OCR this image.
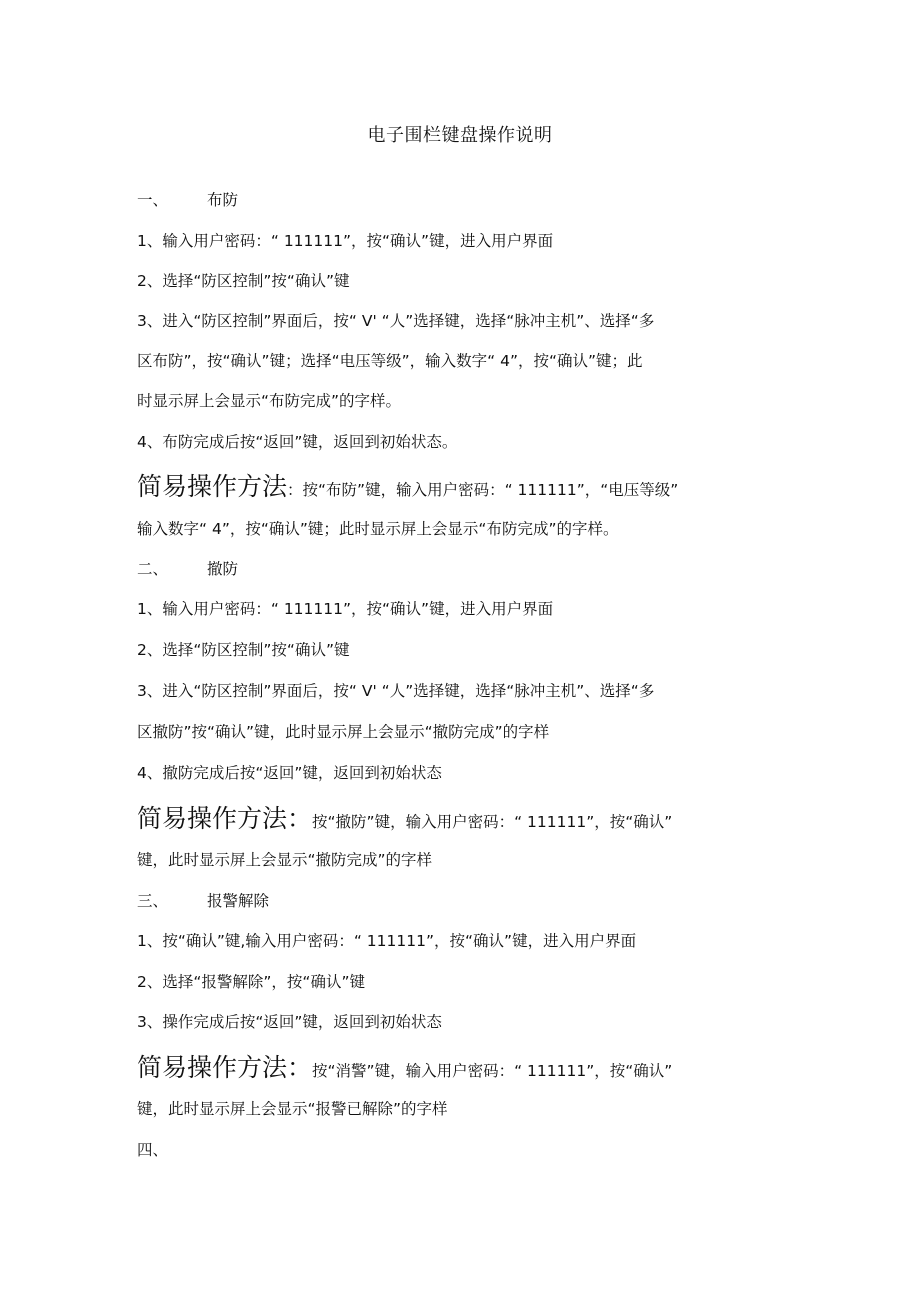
电子围栏键盘操作说明
一、	布防
1、输入用户密码：“ 111111”，按“确认”键，进入用户界面
2、选择“防区控制”按“确认”键
3、进入“防区控制”界面后，按“ V' “人”选择键，选择“脉冲主机”、选择“多
区布防”，按“确认”键；选择“电压等级”，输入数字“ 4”，按“确认”键；此
时显示屏上会显示“布防完成”的字样。
4、布防完成后按“返回”键，返回到初始状态。
简易操作方法：按“布防”键，输入用户密码：“ 111111”，“电压等级”
输入数字“ 4”，按“确认”键；此时显示屏上会显示“布防完成”的字样。
二、	撤防
1、输入用户密码：“ 111111”，按“确认”键，进入用户界面
2、选择“防区控制”按“确认”键
3、进入“防区控制”界面后，按“ V' “人”选择键，选择“脉冲主机”、选择“多
区撤防”按“确认”键，此时显示屏上会显示“撤防完成”的字样
4、撤防完成后按“返回”键，返回到初始状态
简易操作方法：按“撤防”键，输入用户密码：“ 111111”，按“确认”
键，此时显示屏上会显示“撤防完成”的字样
三、	报警解除
1、按“确认”键,输入用户密码：“ 111111”，按“确认”键，进入用户界面
2、选择“报警解除”，按“确认”键
3、操作完成后按“返回”键，返回到初始状态
简易操作方法：按“消警”键，输入用户密码：“ 111111”，按“确认”
键，此时显示屏上会显示“报警已解除”的字样
四、
